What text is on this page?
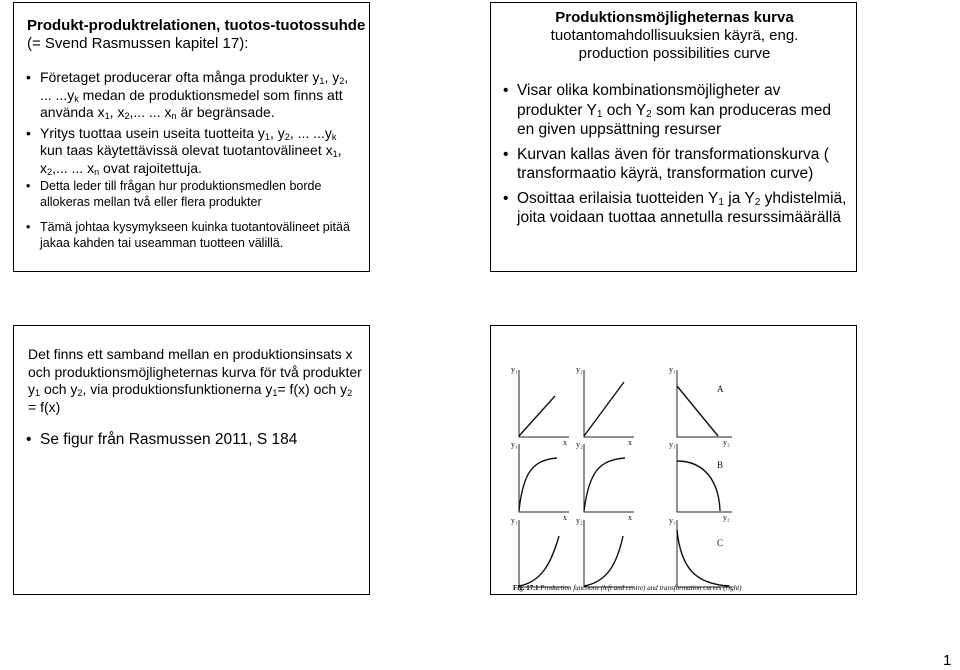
Produkt-produktrelationen, tuotos-tuotossuhde (= Svend Rasmussen kapitel 17):
• Företaget producerar ofta många produkter $y_1$, $y_2$, ... $...y_k$ medan de produktionsmedel som finns att använda $x_1$, $x_2$,... ... $x_n$ är begränsade.
• Yritys tuottaa usein useita tuotteita $y_1$, $y_2$, ... $...y_k$ kun taas käytettävissä olevat tuotantovälineet $x_1$, $x_2$,... ... $x_n$ ovat rajoitettuja.
• Detta leder till frågan hur produktionsmedlen borde allokeras mellan två eller flera produkter
• Tämä johtaa kysymykseen kuinka tuotantovälineet pitää jakaa kahden tai useamman tuotteen välillä.
Produktionsmöjligheternas kurva
tuotantomahdollisuuksien käyrä, eng.
production possibilities curve
• Visar olika kombinationsmöjligheter av produkter $Y_1$ och $Y_2$ som kan produceras med en given uppsättning resurser
• Kurvan kallas även för transformationskurva ( transformaatio käyrä, transformation curve)
• Osoittaa erilaisia tuotteiden $Y_1$ ja $Y_2$ yhdistelmiä, joita voidaan tuottaa annetulla resurssimäärällä
Det finns ett samband mellan en produktionsinsats x och produktionsmöjligheternas kurva för två produkter $y_1$ och $y_2$, via produktionsfunktionerna $y_1= f(x)$ och $y_2 = f(x)$
• Se figur från Rasmussen 2011, S 184
y₁	y₂	y₁
y₁	y₂	y₁
y₁	y₂	y₁
x	x	y₂
x	x	y₂
A
B
C
Fig. 17.1 Production functions (left and centre) and transformation curves (right)
1
